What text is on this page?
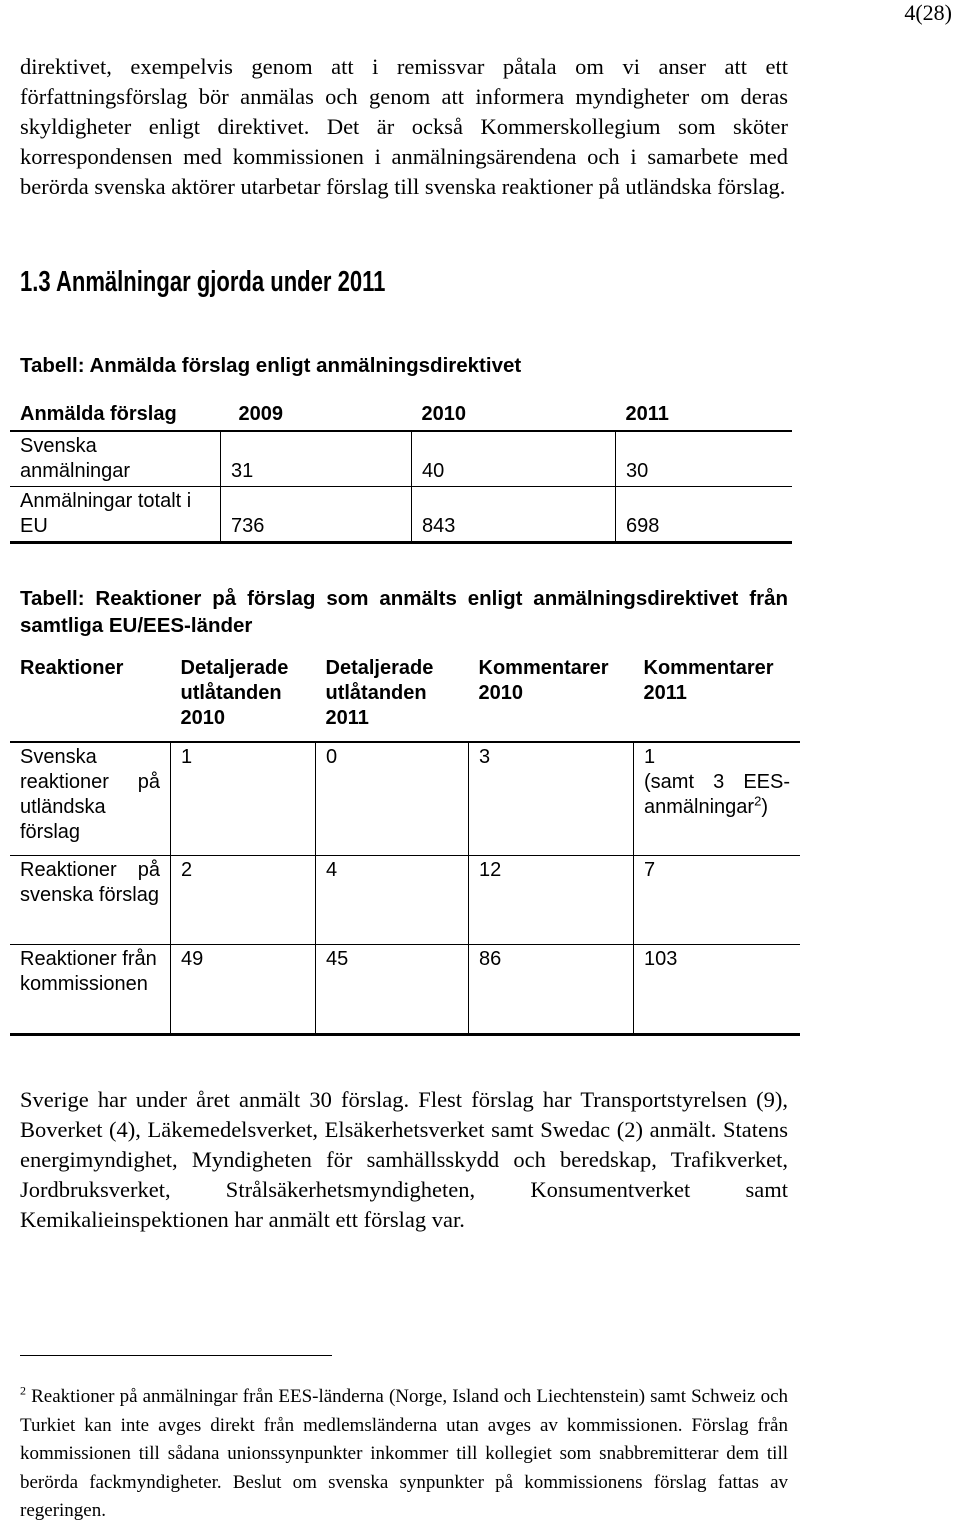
4(28)

direktivet, exempelvis genom att i remissvar påtala om vi anser att ett författningsförslag bör anmälas och genom att informera myndigheter om deras skyldigheter enligt direktivet. Det är också Kommerskollegium som sköter korrespondensen med kommissionen i anmälningsärendena och i samarbete med berörda svenska aktörer utarbetar förslag till svenska reaktioner på utländska förslag.

1.3 Anmälningar gjorda under 2011

Tabell: Anmälda förslag enligt anmälningsdirektivet

Anmälda förslag	2009	2010	2011
Svenska anmälningar	31	40	30
Anmälningar totalt i EU	736	843	698

Tabell: Reaktioner på förslag som anmälts enligt anmälningsdirektivet från samtliga EU/EES-länder

Reaktioner	Detaljerade utlåtanden 2010	Detaljerade utlåtanden 2011	Kommentarer 2010	Kommentarer 2011
Svenska reaktioner på utländska förslag	1	0	3	1
(samt 3 EES-anmälningar$^2$)

Reaktioner på svenska förslag	2	4	12	7
Reaktioner från kommissionen	49	45	86	103

Sverige har under året anmält 30 förslag. Flest förslag har Transportstyrelsen (9), Boverket (4), Läkemedelsverket, Elsäkerhetsverket samt Swedac (2) anmält. Statens energimyndighet, Myndigheten för samhällsskydd och beredskap, Trafikverket, Jordbruksverket, Strålsäkerhetsmyndigheten, Konsumentverket samt Kemikalieinspektionen har anmält ett förslag var.

$^2$ Reaktioner på anmälningar från EES-länderna (Norge, Island och Liechtenstein) samt Schweiz och Turkiet kan inte avges direkt från medlemsländerna utan avges av kommissionen. Förslag från kommissionen till sådana unionssynpunkter inkommer till kollegiet som snabbremitterar dem till berörda fackmyndigheter. Beslut om svenska synpunkter på kommissionens förslag fattas av regeringen.
